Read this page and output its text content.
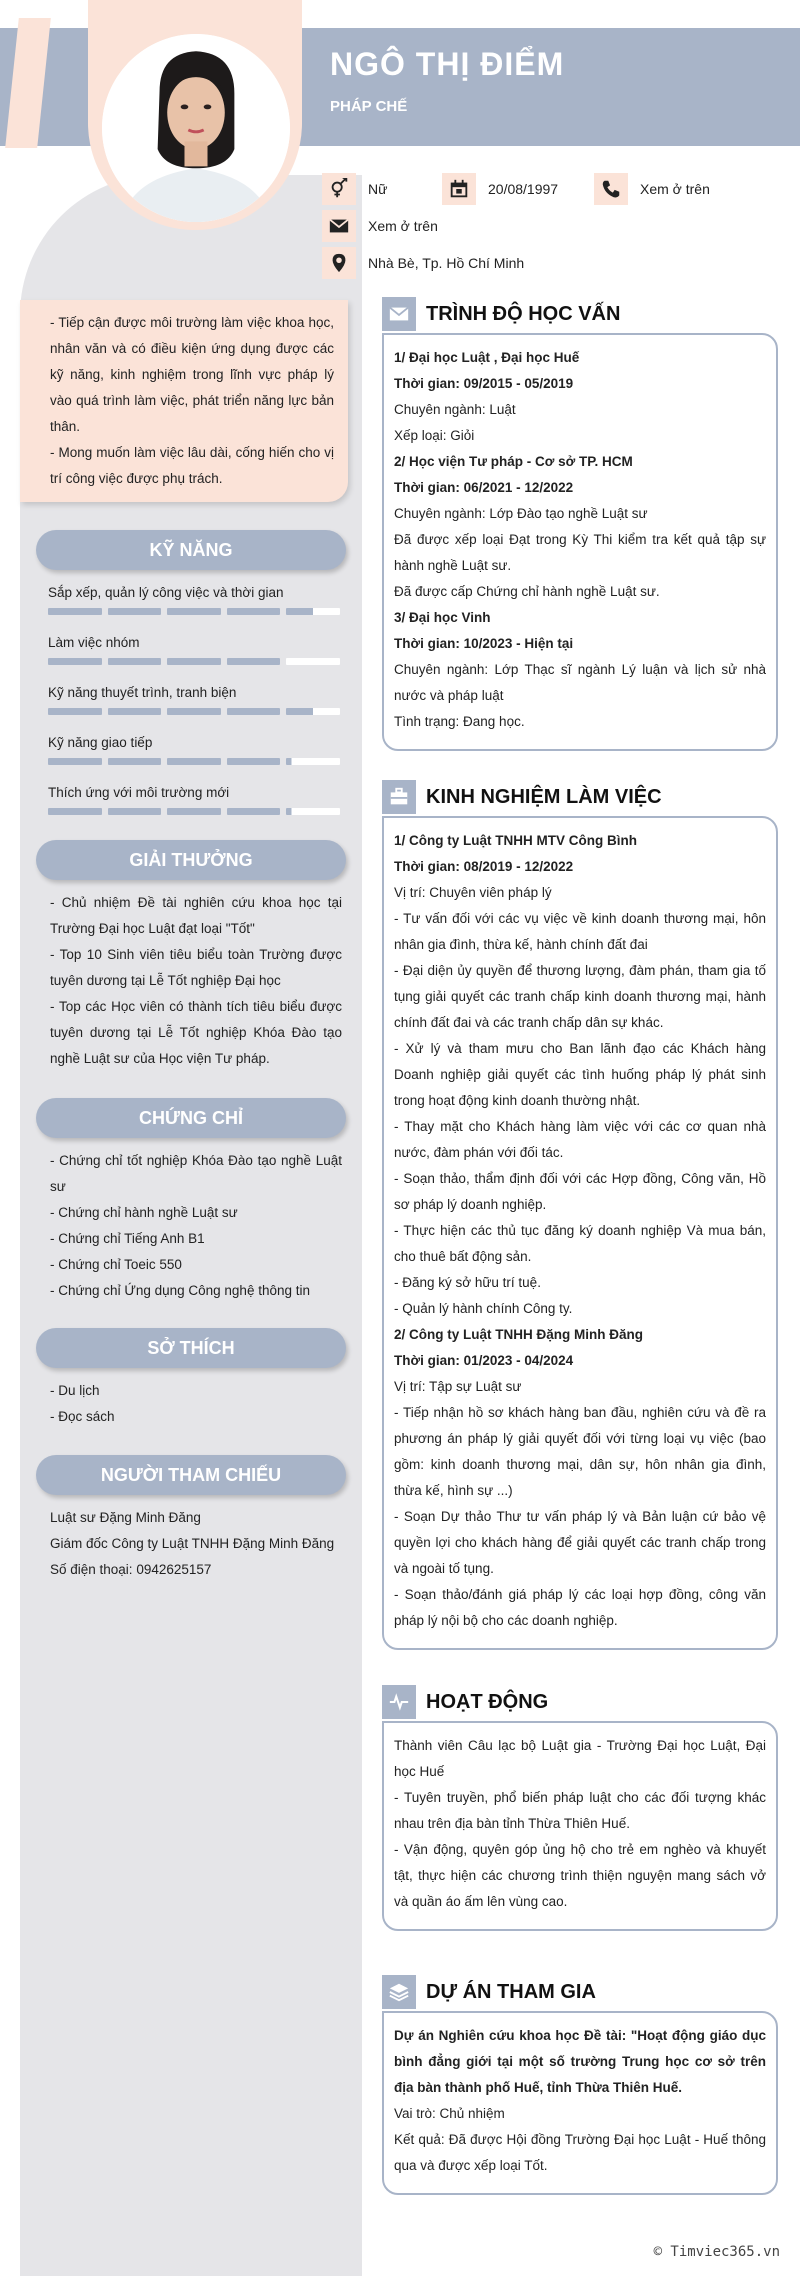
NGÔ THỊ ĐIỂM
PHÁP CHẾ
Nữ	20/08/1997	Xem ở trên
Xem ở trên
Nhà Bè, Tp. Hồ Chí Minh

- Tiếp cận được môi trường làm việc khoa học, nhân văn và có điều kiện ứng dụng được các kỹ năng, kinh nghiệm trong lĩnh vực pháp lý vào quá trình làm việc, phát triển năng lực bản thân.

- Mong muốn làm việc lâu dài, cống hiến cho vị trí công việc được phụ trách.

KỸ NĂNG
Sắp xếp, quản lý công việc và thời gian
Làm việc nhóm
Kỹ năng thuyết trình, tranh biện
Kỹ năng giao tiếp
Thích ứng với môi trường mới
GIẢI THƯỞNG
- Chủ nhiệm Đề tài nghiên cứu khoa học tại Trường Đại học Luật đạt loại "Tốt"
- Top 10 Sinh viên tiêu biểu toàn Trường được tuyên dương tại Lễ Tốt nghiệp Đại học
- Top các Học viên có thành tích tiêu biểu được tuyên dương tại Lễ Tốt nghiệp Khóa Đào tạo nghề Luật sư của Học viện Tư pháp.
CHỨNG CHỈ
- Chứng chỉ tốt nghiệp Khóa Đào tạo nghề Luật sư
- Chứng chỉ hành nghề Luật sư
- Chứng chỉ Tiếng Anh B1
- Chứng chỉ Toeic 550
- Chứng chỉ Ứng dụng Công nghệ thông tin
SỞ THÍCH
- Du lịch
- Đọc sách
NGƯỜI THAM CHIẾU
Luật sư Đặng Minh Đăng
Giám đốc Công ty Luật TNHH Đặng Minh Đăng
Số điện thoại: 0942625157
TRÌNH ĐỘ HỌC VẤN

1/ Đại học Luật , Đại học Huế

Thời gian: 09/2015 - 05/2019

Chuyên ngành: Luật

Xếp loại: Giỏi

2/ Học viện Tư pháp - Cơ sở TP. HCM

Thời gian: 06/2021 - 12/2022

Chuyên ngành: Lớp Đào tạo nghề Luật sư

Đã được xếp loại Đạt trong Kỳ Thi kiểm tra kết quả tập sự hành nghề Luật sư.

Đã được cấp Chứng chỉ hành nghề Luật sư.

3/ Đại học Vinh

Thời gian: 10/2023 - Hiện tại

Chuyên ngành: Lớp Thạc sĩ ngành Lý luận và lịch sử nhà nước và pháp luật

Tình trạng: Đang học.

KINH NGHIỆM LÀM VIỆC

1/ Công ty Luật TNHH MTV Công Bình

Thời gian: 08/2019 - 12/2022

Vị trí: Chuyên viên pháp lý

- Tư vấn đối với các vụ việc về kinh doanh thương mại, hôn nhân gia đình, thừa kế, hành chính đất đai

- Đại diện ủy quyền để thương lượng, đàm phán, tham gia tố tụng giải quyết các tranh chấp kinh doanh thương mại, hành chính đất đai và các tranh chấp dân sự khác.

- Xử lý và tham mưu cho Ban lãnh đạo các Khách hàng Doanh nghiệp giải quyết các tình huống pháp lý phát sinh trong hoạt động kinh doanh thường nhật.

- Thay mặt cho Khách hàng làm việc với các cơ quan nhà nước, đàm phán với đối tác.

- Soạn thảo, thẩm định đối với các Hợp đồng, Công văn, Hồ sơ pháp lý doanh nghiệp.

- Thực hiện các thủ tục đăng ký doanh nghiệp Và mua bán, cho thuê bất động sản.

- Đăng ký sở hữu trí tuệ.

- Quản lý hành chính Công ty.

2/ Công ty Luật TNHH Đặng Minh Đăng

Thời gian: 01/2023 - 04/2024

Vị trí: Tập sự Luật sư

- Tiếp nhận hồ sơ khách hàng ban đầu, nghiên cứu và đề ra phương án pháp lý giải quyết đối với từng loại vụ việc (bao gồm: kinh doanh thương mại, dân sự, hôn nhân gia đình, thừa kế, hình sự ...)

- Soạn Dự thảo Thư tư vấn pháp lý và Bản luận cứ bảo vệ quyền lợi cho khách hàng để giải quyết các tranh chấp trong và ngoài tố tụng.

- Soạn thảo/đánh giá pháp lý các loại hợp đồng, công văn pháp lý nội bộ cho các doanh nghiệp.

HOẠT ĐỘNG

Thành viên Câu lạc bộ Luật gia - Trường Đại học Luật, Đại học Huế

- Tuyên truyền, phổ biến pháp luật cho các đối tượng khác nhau trên địa bàn tỉnh Thừa Thiên Huế.

- Vận động, quyên góp ủng hộ cho trẻ em nghèo và khuyết tật, thực hiện các chương trình thiện nguyện mang sách vở và quần áo ấm lên vùng cao.

DỰ ÁN THAM GIA

Dự án Nghiên cứu khoa học Đề tài: "Hoạt động giáo dục bình đẳng giới tại một số trường Trung học cơ sở trên địa bàn thành phố Huế, tỉnh Thừa Thiên Huế.

Vai trò: Chủ nhiệm

Kết quả: Đã được Hội đồng Trường Đại học Luật - Huế thông qua và được xếp loại Tốt.

© Timviec365.vn
